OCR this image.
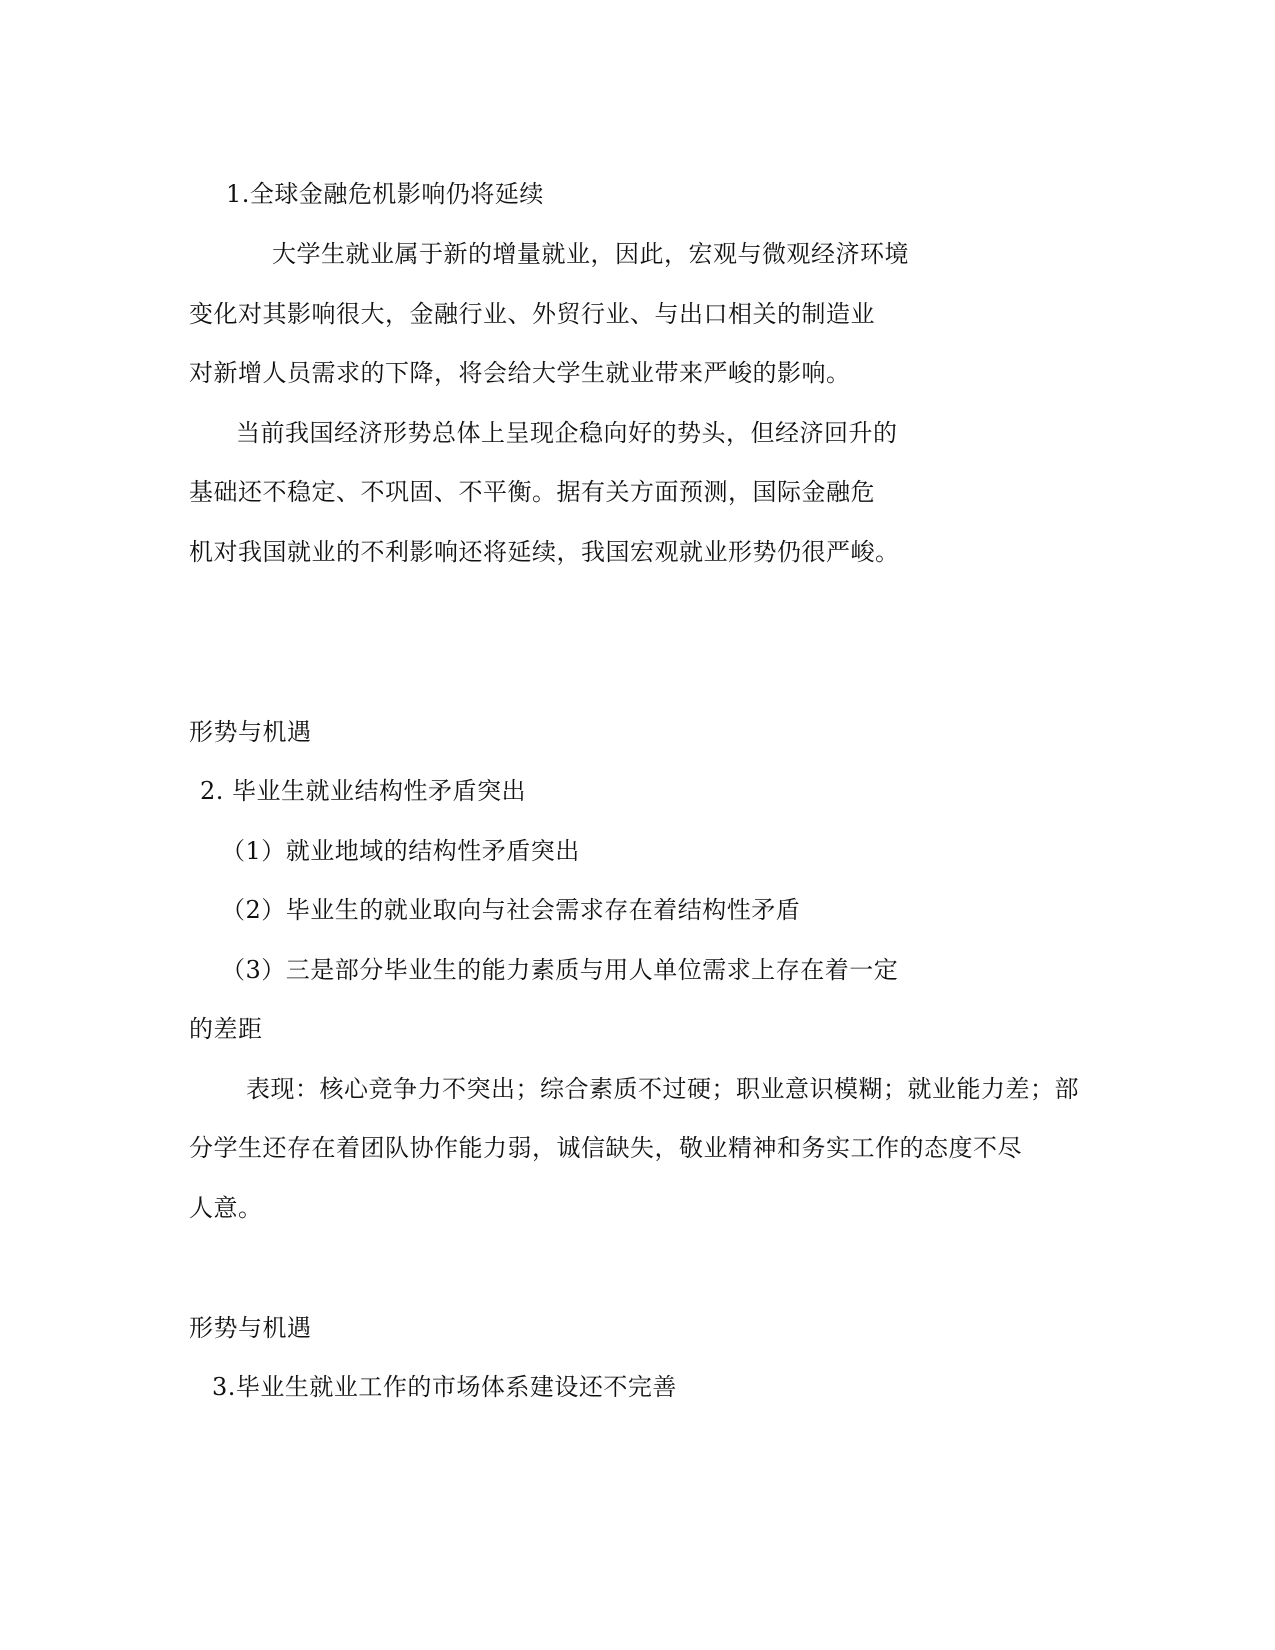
1.全球金融危机影响仍将延续
大学生就业属于新的增量就业，因此，宏观与微观经济环境
变化对其影响很大，金融行业、外贸行业、与出口相关的制造业
对新增人员需求的下降，将会给大学生就业带来严峻的影响。
当前我国经济形势总体上呈现企稳向好的势头，但经济回升的
基础还不稳定、不巩固、不平衡。据有关方面预测，国际金融危
机对我国就业的不利影响还将延续，我国宏观就业形势仍很严峻。
形势与机遇
2. 毕业生就业结构性矛盾突出
（1）就业地域的结构性矛盾突出
（2）毕业生的就业取向与社会需求存在着结构性矛盾
（3）三是部分毕业生的能力素质与用人单位需求上存在着一定
的差距
表现：核心竞争力不突出；综合素质不过硬；职业意识模糊；就业能力差；部
分学生还存在着团队协作能力弱，诚信缺失，敬业精神和务实工作的态度不尽
人意。
形势与机遇
3.毕业生就业工作的市场体系建设还不完善
